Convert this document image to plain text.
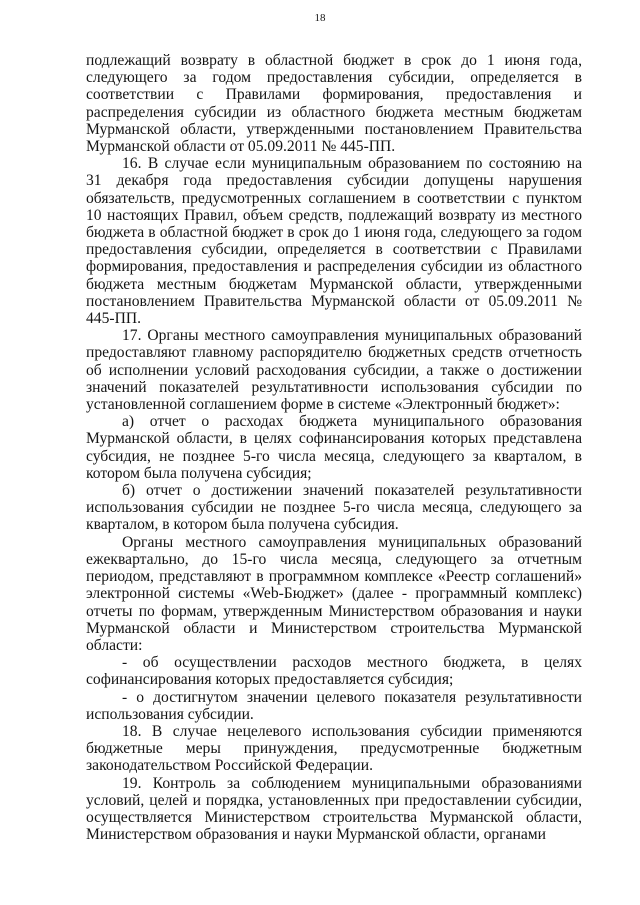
18

подлежащий возврату в областной бюджет в срок до 1 июня года, следующего за годом предоставления субсидии, определяется в соответствии с Правилами формирования, предоставления и распределения субсидии из областного бюджета местным бюджетам Мурманской области, утвержденными постановлением Правительства Мурманской области от 05.09.2011 № 445-ПП.

16. В случае если муниципальным образованием по состоянию на 31 декабря года предоставления субсидии допущены нарушения обязательств, предусмотренных соглашением в соответствии с пунктом 10 настоящих Правил, объем средств, подлежащий возврату из местного бюджета в областной бюджет в срок до 1 июня года, следующего за годом предоставления субсидии, определяется в соответствии с Правилами формирования, предоставления и распределения субсидии из областного бюджета местным бюджетам Мурманской области, утвержденными постановлением Правительства Мурманской области от 05.09.2011 № 445-ПП.

17. Органы местного самоуправления муниципальных образований предоставляют главному распорядителю бюджетных средств отчетность об исполнении условий расходования субсидии, а также о достижении значений показателей результативности использования субсидии по установленной соглашением форме в системе «Электронный бюджет»:

а) отчет о расходах бюджета муниципального образования Мурманской области, в целях софинансирования которых представлена субсидия, не позднее 5-го числа месяца, следующего за кварталом, в котором была получена субсидия;

б) отчет о достижении значений показателей результативности использования субсидии не позднее 5-го числа месяца, следующего за кварталом, в котором была получена субсидия.

Органы местного самоуправления муниципальных образований ежеквартально, до 15-го числа месяца, следующего за отчетным периодом, представляют в программном комплексе «Реестр соглашений» электронной системы «Web-Бюджет» (далее - программный комплекс) отчеты по формам, утвержденным Министерством образования и науки Мурманской области и Министерством строительства Мурманской области:

- об осуществлении расходов местного бюджета, в целях софинансирования которых предоставляется субсидия;

- о достигнутом значении целевого показателя результативности использования субсидии.

18. В случае нецелевого использования субсидии применяются бюджетные меры принуждения, предусмотренные бюджетным законодательством Российской Федерации.

19. Контроль за соблюдением муниципальными образованиями условий, целей и порядка, установленных при предоставлении субсидии, осуществляется Министерством строительства Мурманской области, Министерством образования и науки Мурманской области, органами
